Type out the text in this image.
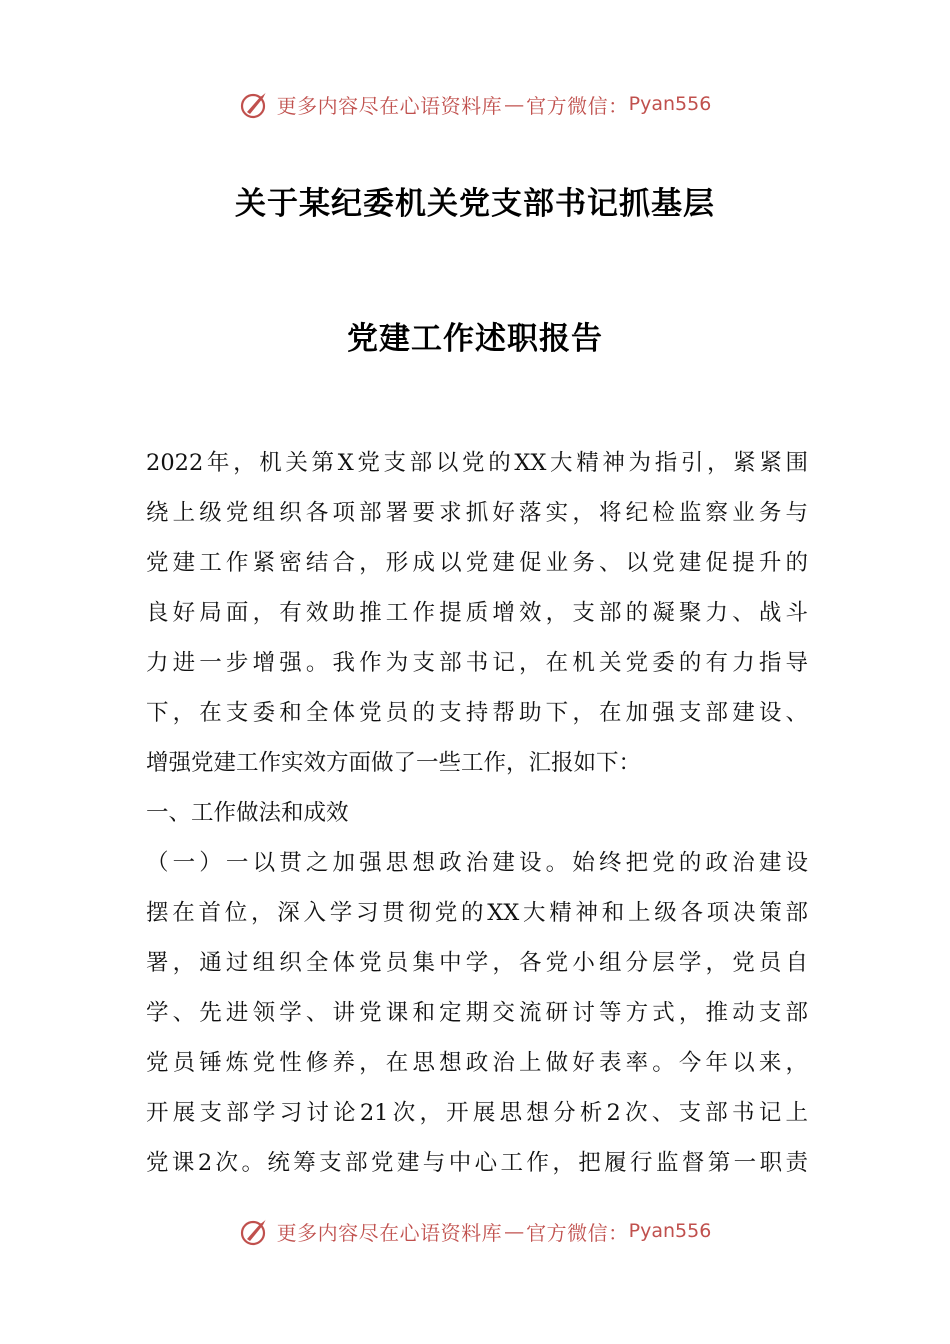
更多内容尽在心语资料库 — 官方微信： Pyan556
关于某纪委机关党支部书记抓基层
党建工作述职报告
2022年，机关第X党支部以党的XX大精神为指引，紧紧围
绕上级党组织各项部署要求抓好落实，将纪检监察业务与
党建工作紧密结合，形成以党建促业务、以党建促提升的
良好局面，有效助推工作提质增效，支部的凝聚力、战斗
力进一步增强。我作为支部书记，在机关党委的有力指导
下，在支委和全体党员的支持帮助下，在加强支部建设、
增强党建工作实效方面做了一些工作，汇报如下：
一、工作做法和成效
（一）一以贯之加强思想政治建设。始终把党的政治建设
摆在首位，深入学习贯彻党的XX大精神和上级各项决策部
署，通过组织全体党员集中学，各党小组分层学，党员自
学、先进领学、讲党课和定期交流研讨等方式，推动支部
党员锤炼党性修养，在思想政治上做好表率。今年以来，
开展支部学习讨论21次，开展思想分析2次、支部书记上
党课2次。统筹支部党建与中心工作，把履行监督第一职责
更多内容尽在心语资料库 — 官方微信： Pyan556
